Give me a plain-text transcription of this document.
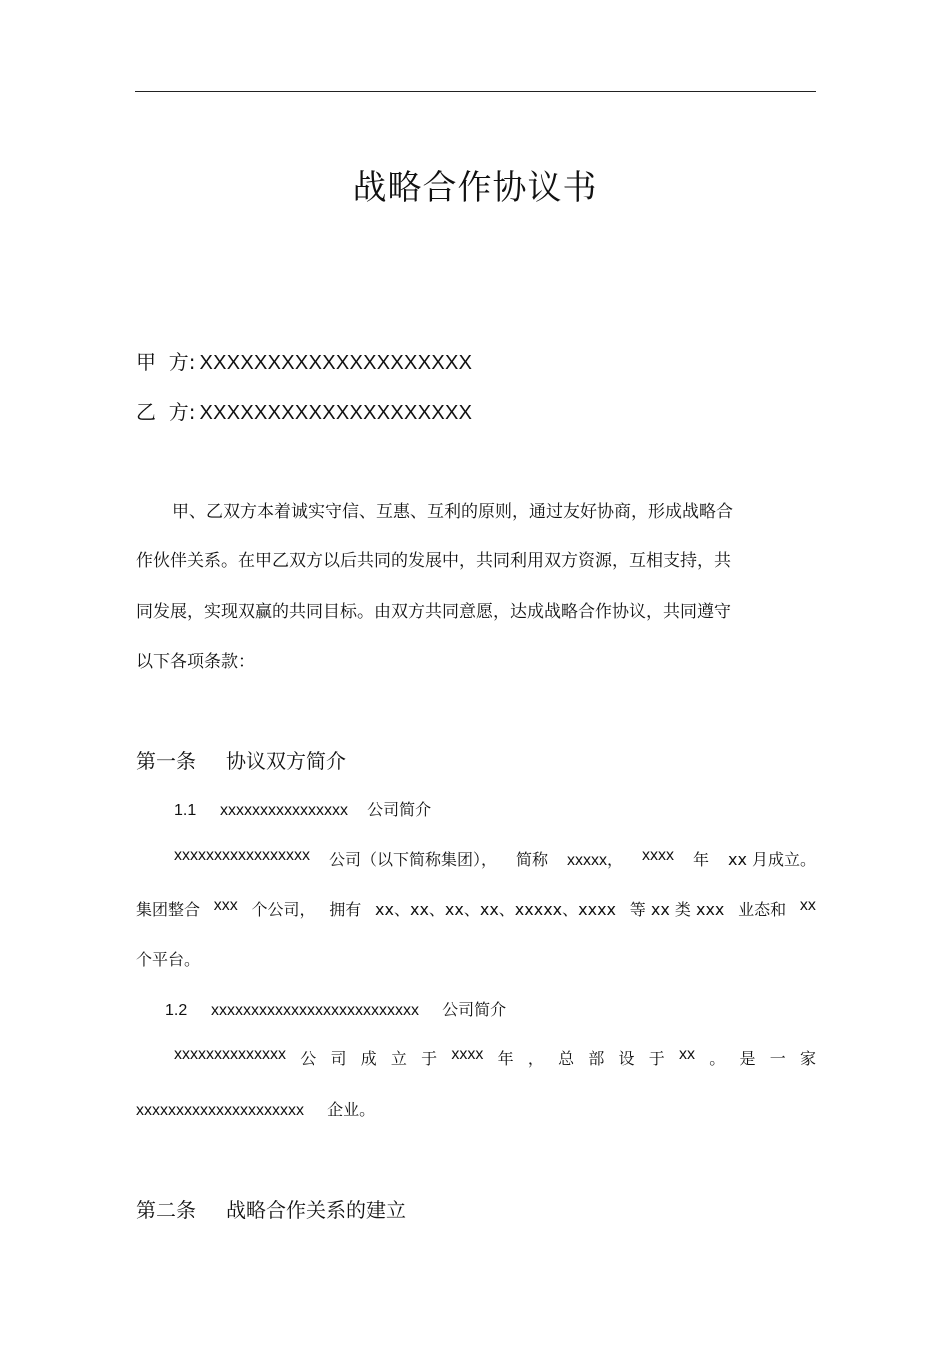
战略合作协议书
甲  方: XXXXXXXXXXXXXXXXXXXX
乙  方: XXXXXXXXXXXXXXXXXXXX
甲、乙双方本着诚实守信、互惠、互利的原则，通过友好协商，形成战略合
作伙伴关系。在甲乙双方以后共同的发展中，共同利用双方资源，互相支持，共
同发展，实现双赢的共同目标。由双方共同意愿，达成战略合作协议，共同遵守
以下各项条款：
第一条 协议双方简介
1.1 xxxxxxxxxxxxxxxx 公司简介
xxxxxxxxxxxxxxxxx 公司（以下简称集团）， 简称 xxxxx， xxxx 年 xx 月成立。
集团整合 xxx 个公司， 拥有 xx、xx、xx、xx、xxxxx、xxxx 等 xx 类 xxx 业态和 xx
个平台。
1.2 xxxxxxxxxxxxxxxxxxxxxxxxxx 公司简介
xxxxxxxxxxxxxx 公 司 成 立 于 xxxx 年 ， 总 部 设 于 xx 。 是 一 家
xxxxxxxxxxxxxxxxxxxxx 企业。
第二条 战略合作关系的建立
